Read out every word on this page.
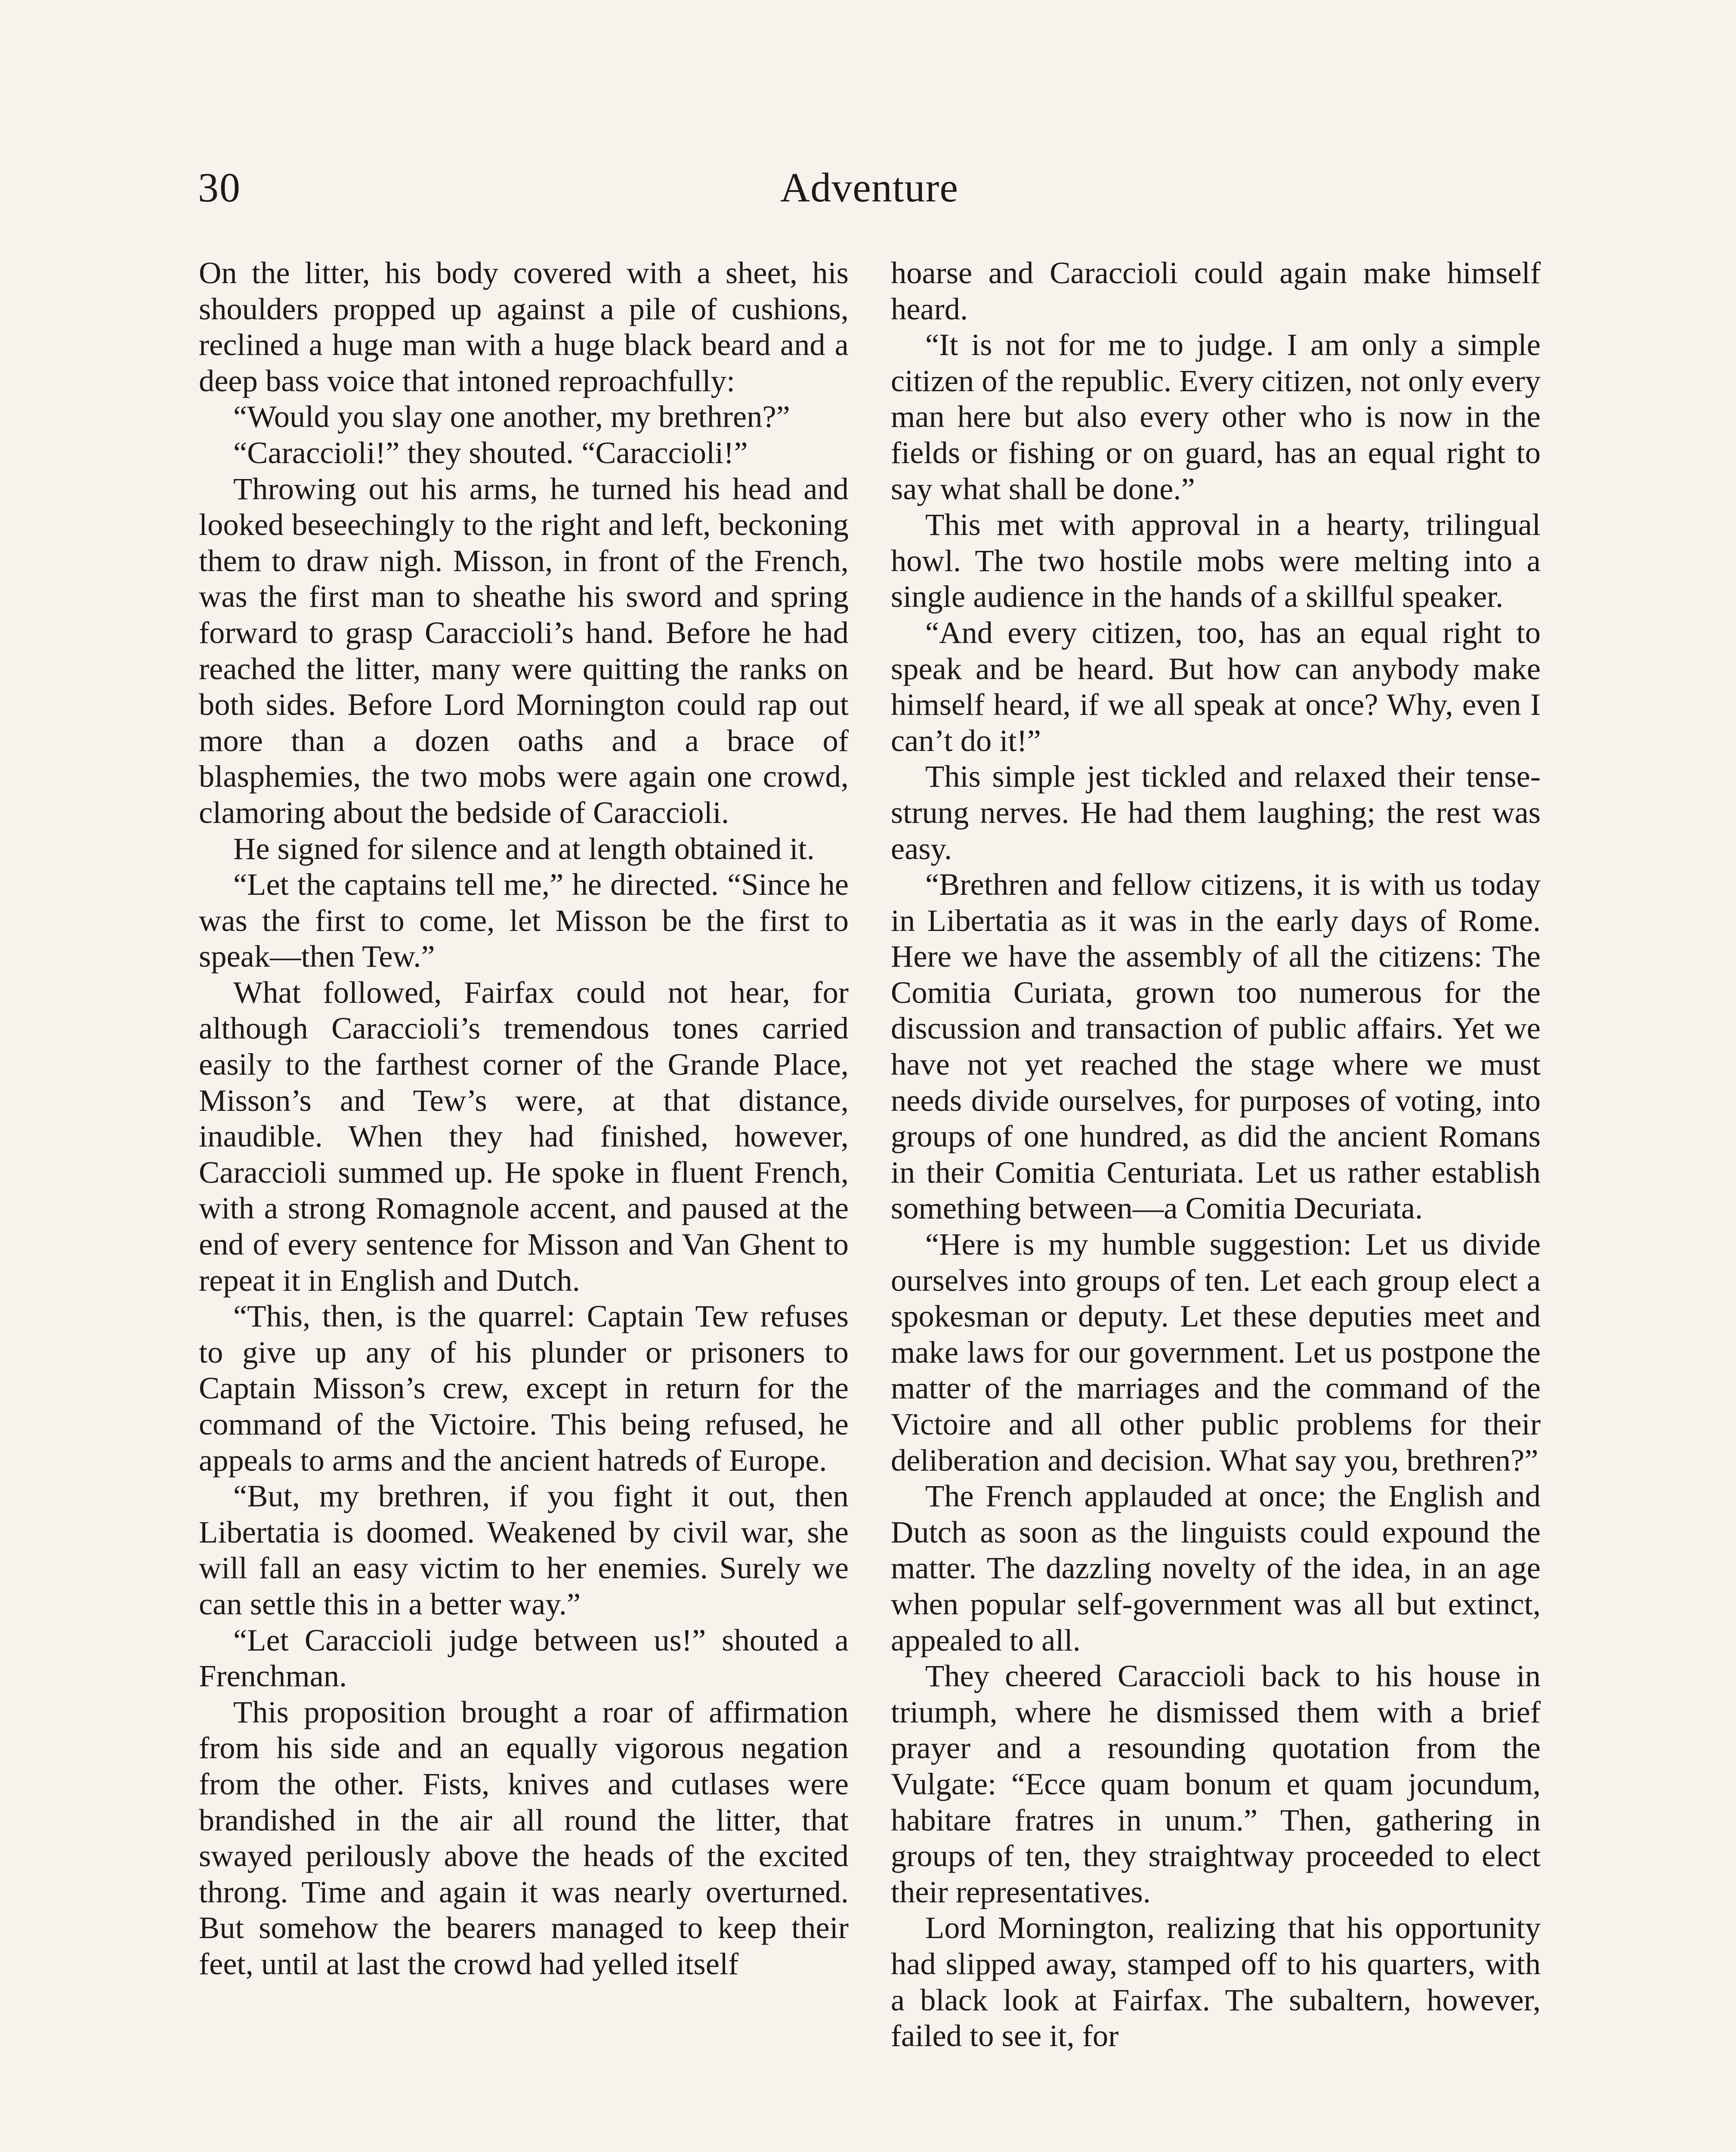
30	Adventure

On the litter, his body covered with a sheet, his shoulders propped up against a pile of cushions, reclined a huge man with a huge black beard and a deep bass voice that intoned reproachfully:

“Would you slay one another, my brethren?”

“Caraccioli!” they shouted. “Caraccioli!”

Throwing out his arms, he turned his head and looked beseechingly to the right and left, beckoning them to draw nigh. Misson, in front of the French, was the first man to sheathe his sword and spring forward to grasp Caraccioli’s hand. Before he had reached the litter, many were quitting the ranks on both sides. Before Lord Mornington could rap out more than a dozen oaths and a brace of blasphemies, the two mobs were again one crowd, clamoring about the bedside of Caraccioli.

He signed for silence and at length obtained it.

“Let the captains tell me,” he directed. “Since he was the first to come, let Misson be the first to speak—then Tew.”

What followed, Fairfax could not hear, for although Caraccioli’s tremendous tones carried easily to the farthest corner of the Grande Place, Misson’s and Tew’s were, at that distance, inaudible. When they had finished, however, Caraccioli summed up. He spoke in fluent French, with a strong Romagnole accent, and paused at the end of every sentence for Misson and Van Ghent to repeat it in English and Dutch.

“This, then, is the quarrel: Captain Tew refuses to give up any of his plunder or prisoners to Captain Misson’s crew, except in return for the command of the Victoire. This being refused, he appeals to arms and the ancient hatreds of Europe.

“But, my brethren, if you fight it out, then Libertatia is doomed. Weakened by civil war, she will fall an easy victim to her enemies. Surely we can settle this in a better way.”

“Let Caraccioli judge between us!” shouted a Frenchman.

This proposition brought a roar of affirmation from his side and an equally vigorous negation from the other. Fists, knives and cutlases were brandished in the air all round the litter, that swayed perilously above the heads of the excited throng. Time and again it was nearly overturned. But somehow the bearers managed to keep their feet, until at last the crowd had yelled itself

hoarse and Caraccioli could again make himself heard.

“It is not for me to judge. I am only a simple citizen of the republic. Every citizen, not only every man here but also every other who is now in the fields or fishing or on guard, has an equal right to say what shall be done.”

This met with approval in a hearty, trilingual howl. The two hostile mobs were melting into a single audience in the hands of a skillful speaker.

“And every citizen, too, has an equal right to speak and be heard. But how can anybody make himself heard, if we all speak at once? Why, even I can’t do it!”

This simple jest tickled and relaxed their tense-strung nerves. He had them laughing; the rest was easy.

“Brethren and fellow citizens, it is with us today in Libertatia as it was in the early days of Rome. Here we have the assembly of all the citizens: The Comitia Curiata, grown too numerous for the discussion and transaction of public affairs. Yet we have not yet reached the stage where we must needs divide ourselves, for purposes of voting, into groups of one hundred, as did the ancient Romans in their Comitia Centuriata. Let us rather establish something between—a Comitia Decuriata.

“Here is my humble suggestion: Let us divide ourselves into groups of ten. Let each group elect a spokesman or deputy. Let these deputies meet and make laws for our government. Let us postpone the matter of the marriages and the command of the Victoire and all other public problems for their deliberation and decision. What say you, brethren?”

The French applauded at once; the English and Dutch as soon as the linguists could expound the matter. The dazzling novelty of the idea, in an age when popular self-government was all but extinct, appealed to all.

They cheered Caraccioli back to his house in triumph, where he dismissed them with a brief prayer and a resounding quotation from the Vulgate: “Ecce quam bonum et quam jocundum, habitare fratres in unum.” Then, gathering in groups of ten, they straightway proceeded to elect their representatives.

Lord Mornington, realizing that his opportunity had slipped away, stamped off to his quarters, with a black look at Fairfax. The subaltern, however, failed to see it, for
